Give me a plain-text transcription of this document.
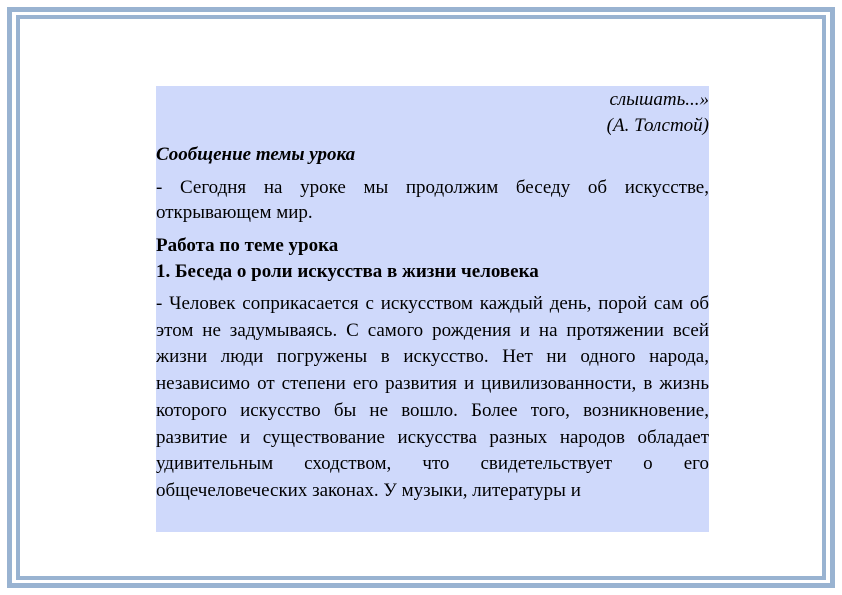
слышать...»

(А. Толстой)

Сообщение темы урока

- Сегодня на уроке мы продолжим беседу об искусстве, открывающем мир.

Работа по теме урока

1. Беседа о роли искусства в жизни человека

- Человек соприкасается с искусством каждый день, порой сам об этом не задумываясь. С самого рождения и на протяжении всей жизни люди погружены в искусство. Нет ни одного народа, независимо от степени его развития и цивилизованности, в жизнь которого искусство бы не вошло. Более того, возникновение, развитие и существование искусства разных народов обладает удивительным сходством, что свидетельствует о его общечеловеческих законах. У музыки, литературы и
